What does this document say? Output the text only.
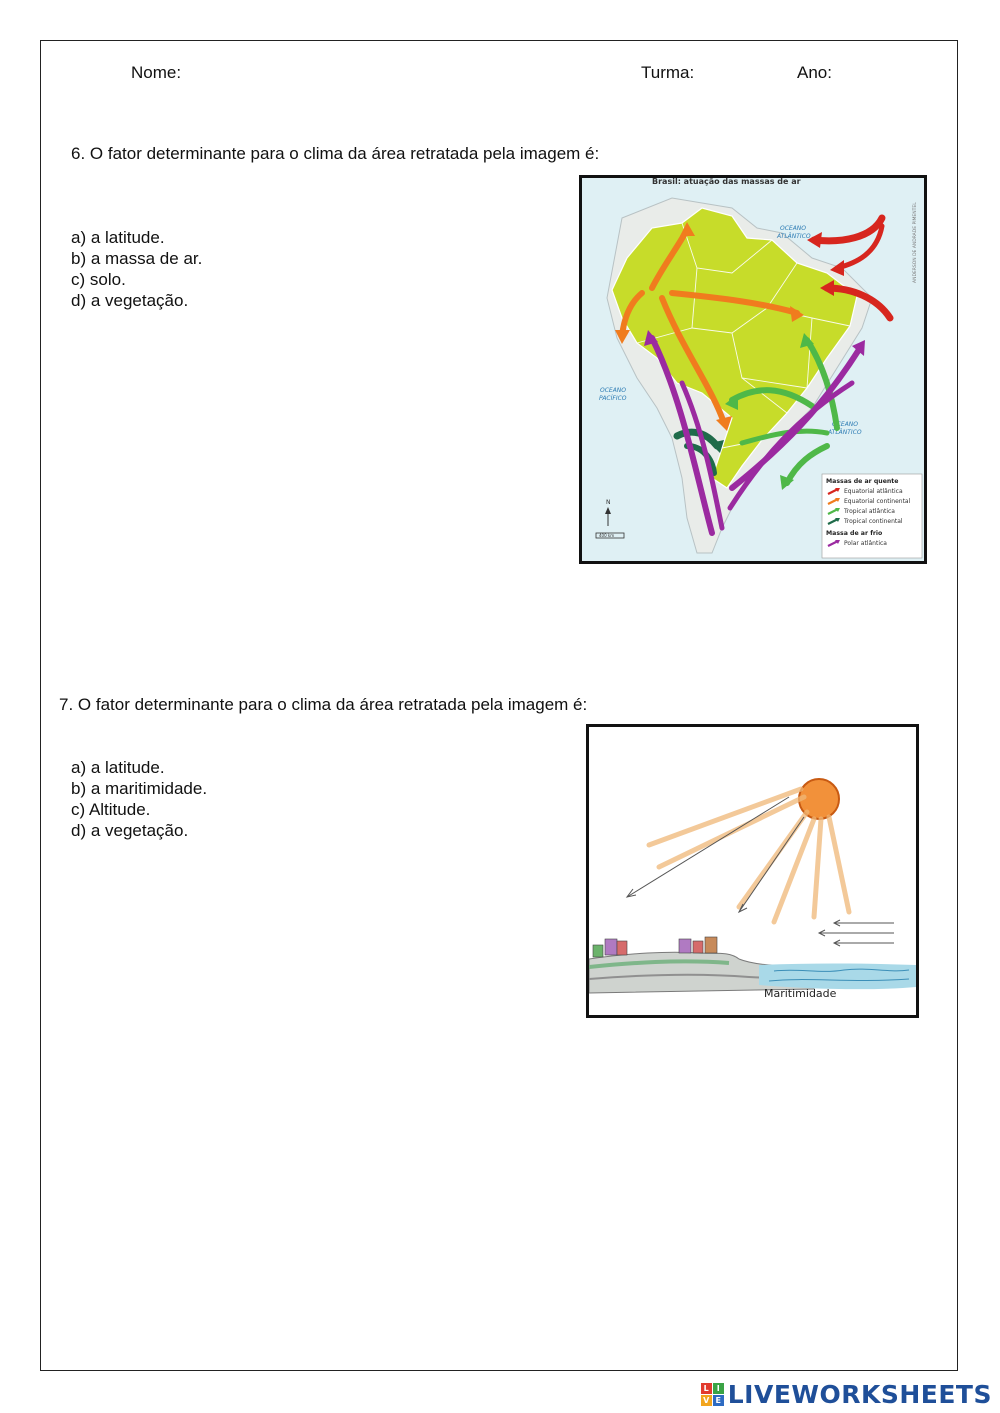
Nome:	Turma:	Ano:
6. O fator determinante para o clima da área retratada pela imagem é:
a) a latitude.
b) a massa de ar.
c) solo.
d) a vegetação.
Brasil: atuação das massas de ar
OCEANO
ATLÂNTICO
OCEANO
PACÍFICO
OCEANO
ATLÂNTICO
ANDERSON DE ANDRADE PIMENTEL
N
400 km
Massas de ar quente
Equatorial atlântica
Equatorial continental
Tropical atlântica
Tropical continental
Massa de ar frio
Polar atlântica
7. O fator determinante para o clima da área retratada pela imagem é:
a) a latitude.
b) a maritimidade.
c) Altitude.
d) a vegetação.
Maritimidade
L I
V E LIVEWORKSHEETS
